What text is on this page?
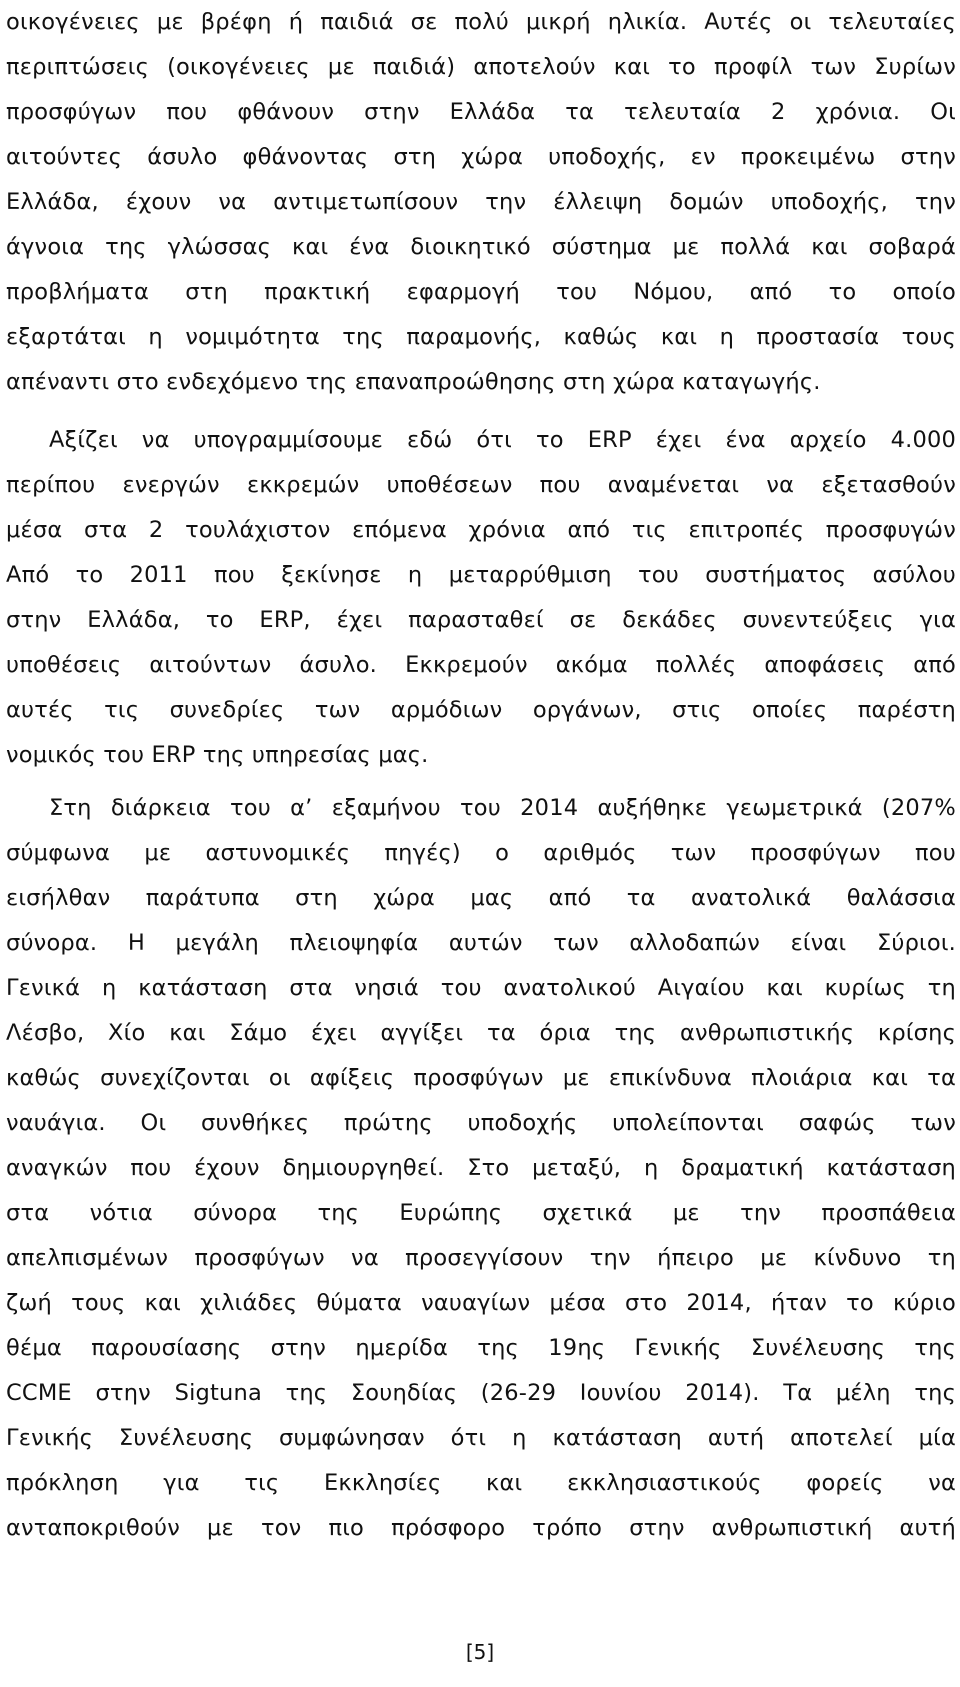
οικογένειες με βρέφη ή παιδιά σε πολύ μικρή ηλικία. Αυτές οι τελευταίες
περιπτώσεις (οικογένειες με παιδιά) αποτελούν και το προφίλ των Συρίων
προσφύγων που φθάνουν στην Ελλάδα τα τελευταία 2 χρόνια. Οι
αιτούντες άσυλο φθάνοντας στη χώρα υποδοχής, εν προκειμένω στην
Ελλάδα, έχουν να αντιμετωπίσουν την έλλειψη δομών υποδοχής, την
άγνοια της γλώσσας και ένα διοικητικό σύστημα με πολλά και σοβαρά
προβλήματα στη πρακτική εφαρμογή του Νόμου, από το οποίο
εξαρτάται η νομιμότητα της παραμονής, καθώς και η προστασία τους
απέναντι στο ενδεχόμενο της επαναπροώθησης στη χώρα καταγωγής.
Αξίζει να υπογραμμίσουμε εδώ ότι το ERP έχει ένα αρχείο 4.000
περίπου ενεργών εκκρεμών υποθέσεων που αναμένεται να εξετασθούν
μέσα στα 2 τουλάχιστον επόμενα χρόνια από τις επιτροπές προσφυγών
Από το 2011 που ξεκίνησε η μεταρρύθμιση του συστήματος ασύλου
στην Ελλάδα, το ERP, έχει παρασταθεί σε δεκάδες συνεντεύξεις για
υποθέσεις αιτούντων άσυλο. Εκκρεμούν ακόμα πολλές αποφάσεις από
αυτές τις συνεδρίες των αρμόδιων οργάνων, στις οποίες παρέστη
νομικός του ERP της υπηρεσίας μας.
Στη διάρκεια του α’ εξαμήνου του 2014 αυξήθηκε γεωμετρικά (207%
σύμφωνα με αστυνομικές πηγές) ο αριθμός των προσφύγων που
εισήλθαν παράτυπα στη χώρα μας από τα ανατολικά θαλάσσια
σύνορα. Η μεγάλη πλειοψηφία αυτών των αλλοδαπών είναι Σύριοι.
Γενικά η κατάσταση στα νησιά του ανατολικού Αιγαίου και κυρίως τη
Λέσβο, Χίο και Σάμο έχει αγγίξει τα όρια της ανθρωπιστικής κρίσης
καθώς συνεχίζονται οι αφίξεις προσφύγων με επικίνδυνα πλοιάρια και τα
ναυάγια. Οι συνθήκες πρώτης υποδοχής υπολείπονται σαφώς των
αναγκών που έχουν δημιουργηθεί. Στο μεταξύ, η δραματική κατάσταση
στα νότια σύνορα της Ευρώπης σχετικά με την προσπάθεια
απελπισμένων προσφύγων να προσεγγίσουν την ήπειρο με κίνδυνο τη
ζωή τους και χιλιάδες θύματα ναυαγίων μέσα στο 2014, ήταν το κύριο
θέμα παρουσίασης στην ημερίδα της 19ης Γενικής Συνέλευσης της
CCME στην Sigtuna της Σουηδίας (26-29 Ιουνίου 2014). Τα μέλη της
Γενικής Συνέλευσης συμφώνησαν ότι η κατάσταση αυτή αποτελεί μία
πρόκληση για τις Εκκλησίες και εκκλησιαστικούς φορείς να
ανταποκριθούν με τον πιο πρόσφορο τρόπο στην ανθρωπιστική αυτή
[5]
